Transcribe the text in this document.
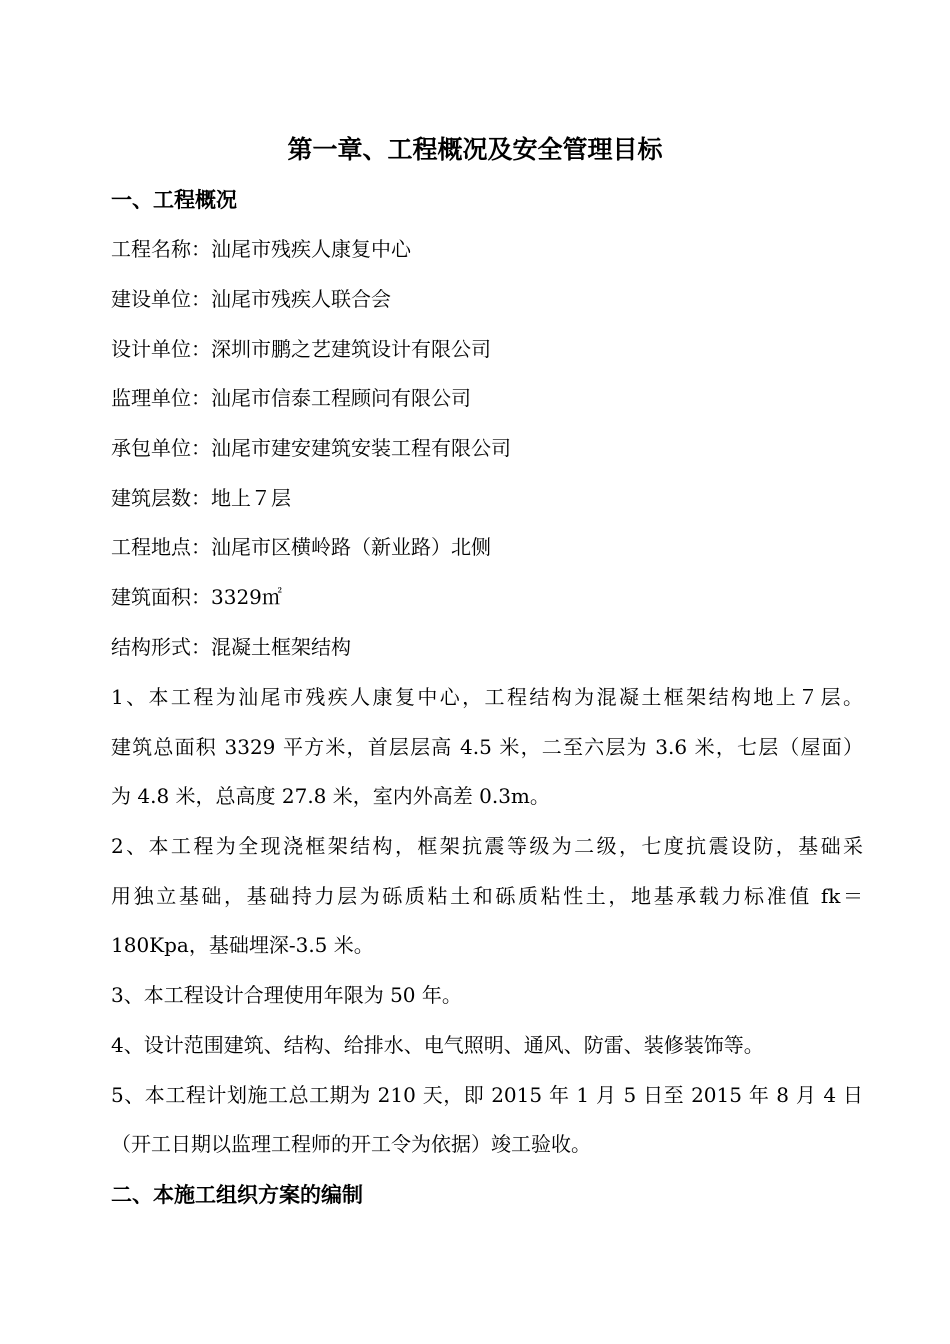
第一章、工程概况及安全管理目标
一、工程概况
工程名称：汕尾市残疾人康复中心
建设单位：汕尾市残疾人联合会
设计单位：深圳市鹏之艺建筑设计有限公司
监理单位：汕尾市信泰工程顾问有限公司
承包单位：汕尾市建安建筑安装工程有限公司
建筑层数：地上７层
工程地点：汕尾市区横岭路（新业路）北侧
建筑面积：3329㎡
结构形式：混凝土框架结构
1、本工程为汕尾市残疾人康复中心，工程结构为混凝土框架结构地上７层。
建筑总面积 3329 平方米，首层层高 4.5 米，二至六层为 3.6 米，七层（屋面）
为 4.8 米，总高度 27.8 米，室内外高差 0.3m。
2、本工程为全现浇框架结构，框架抗震等级为二级，七度抗震设防，基础采
用独立基础，基础持力层为砾质粘土和砾质粘性土，地基承载力标准值 fk＝
180Kpa，基础埋深-3.5 米。
3、本工程设计合理使用年限为 50 年。
4、设计范围建筑、结构、给排水、电气照明、通风、防雷、装修装饰等。
5、本工程计划施工总工期为 210 天，即 2015 年 1 月 5 日至 2015 年 8 月 4 日
（开工日期以监理工程师的开工令为依据）竣工验收。
二、本施工组织方案的编制
